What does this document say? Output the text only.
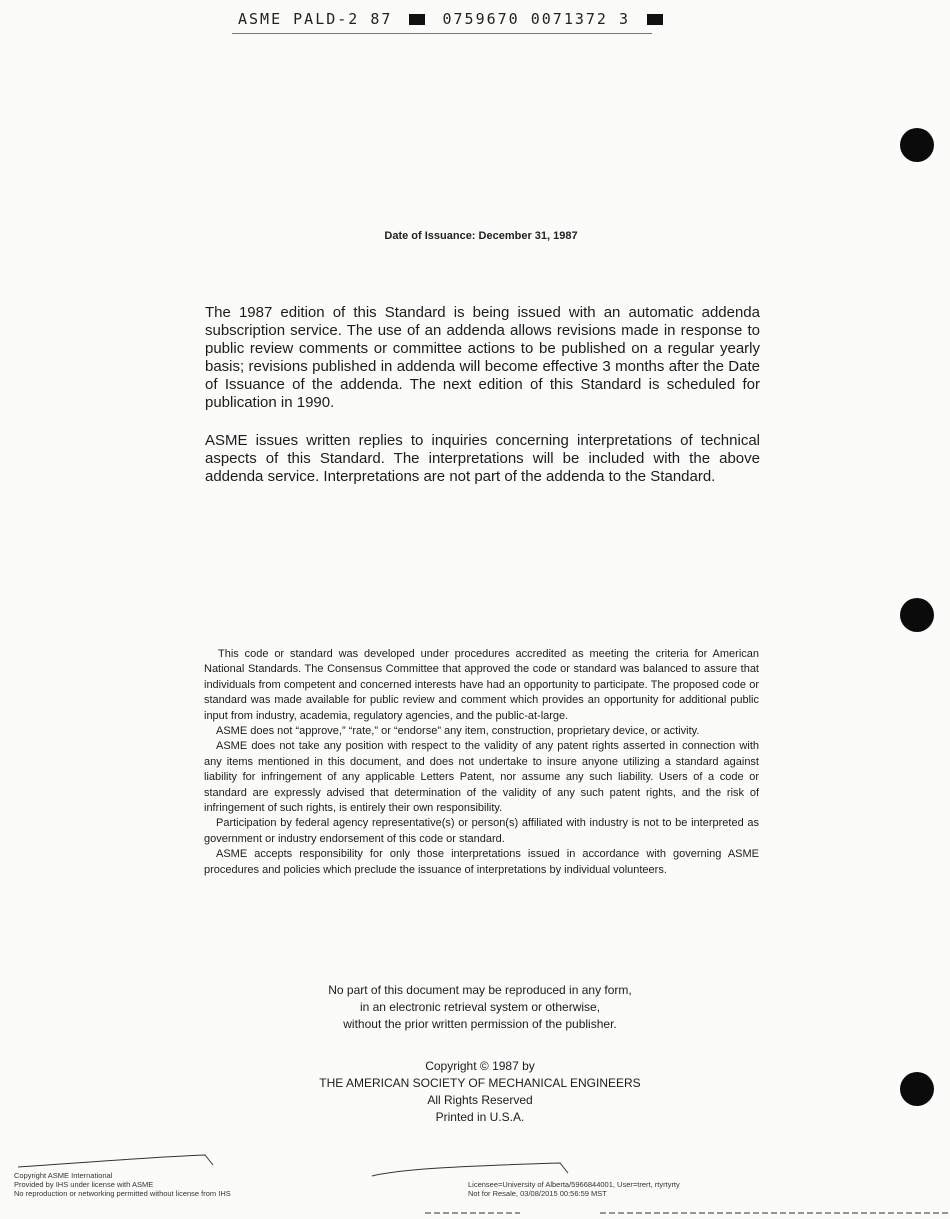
ASME PALD-2 87	0759670 0071372 3
Date of Issuance: December 31, 1987
The 1987 edition of this Standard is being issued with an automatic addenda subscription service. The use of an addenda allows revisions made in response to public review comments or committee actions to be published on a regular yearly basis; revisions published in addenda will become effective 3 months after the Date of Issuance of the addenda. The next edition of this Standard is scheduled for publication in 1990.
ASME issues written replies to inquiries concerning interpretations of technical aspects of this Standard. The interpretations will be included with the above addenda service. Interpretations are not part of the addenda to the Standard.

This code or standard was developed under procedures accredited as meeting the criteria for American National Standards. The Consensus Committee that approved the code or standard was balanced to assure that individuals from competent and concerned interests have had an opportunity to participate. The proposed code or standard was made available for public review and comment which provides an opportunity for additional public input from industry, academia, regulatory agencies, and the public-at-large.

ASME does not “approve,” “rate,” or “endorse” any item, construction, proprietary device, or activity.

ASME does not take any position with respect to the validity of any patent rights asserted in connection with any items mentioned in this document, and does not undertake to insure anyone utilizing a standard against liability for infringement of any applicable Letters Patent, nor assume any such liability. Users of a code or standard are expressly advised that determination of the validity of any such patent rights, and the risk of infringement of such rights, is entirely their own responsibility.

Participation by federal agency representative(s) or person(s) affiliated with industry is not to be interpreted as government or industry endorsement of this code or standard.

ASME accepts responsibility for only those interpretations issued in accordance with governing ASME procedures and policies which preclude the issuance of interpretations by individual volunteers.

No part of this document may be reproduced in any form,
in an electronic retrieval system or otherwise,
without the prior written permission of the publisher.
Copyright © 1987 by
THE AMERICAN SOCIETY OF MECHANICAL ENGINEERS
All Rights Reserved
Printed in U.S.A.
Copyright ASME International
Provided by IHS under license with ASME
No reproduction or networking permitted without license from IHS
Licensee=University of Alberta/5966844001, User=trert, rtyrtyrty
Not for Resale, 03/08/2015 00:56:59 MST
